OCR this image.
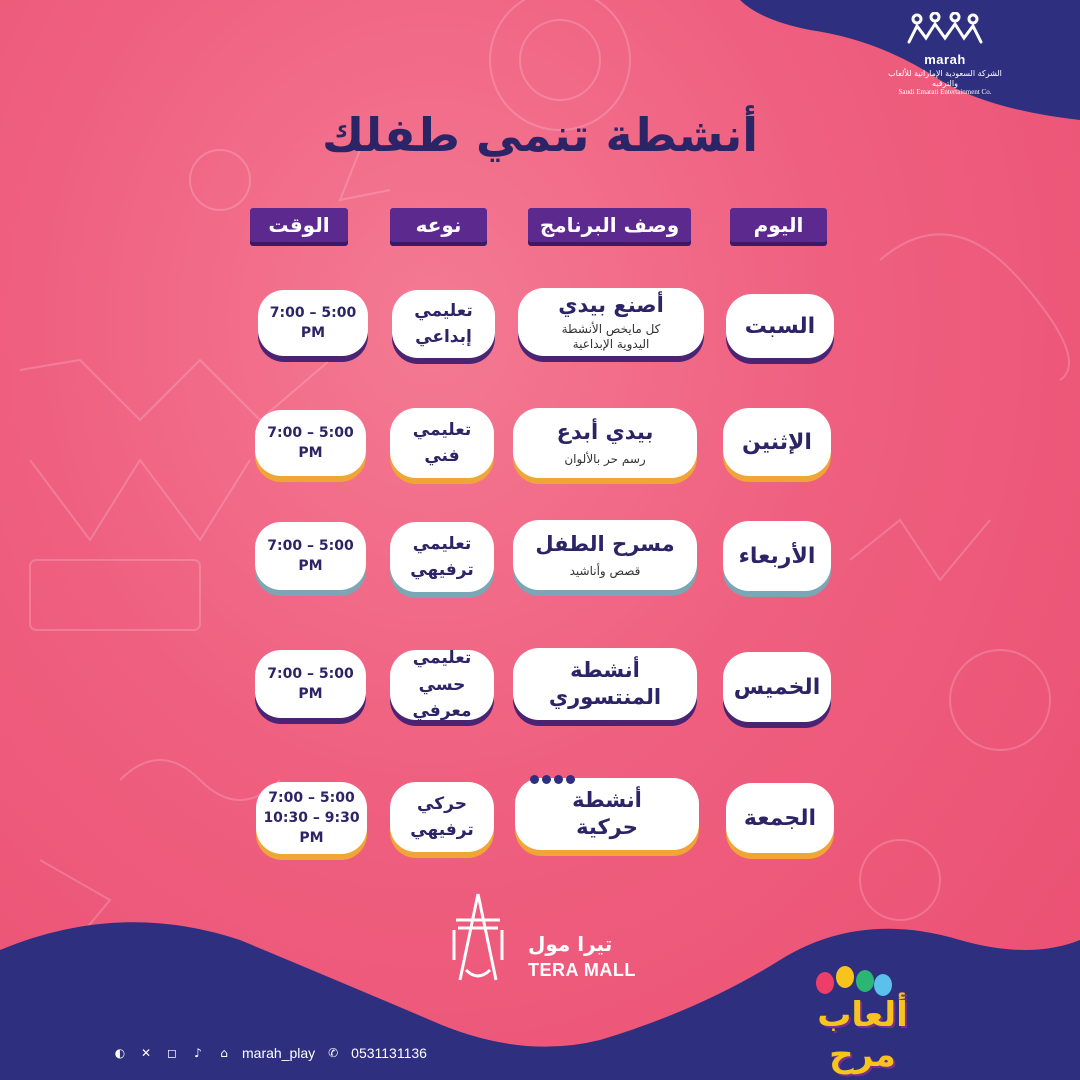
marah
الشركة السعودية الإماراتية للألعاب والترفيه
Saudi Emarati Entertainment Co.
أنشطة تنمي طفلك
اليوم
وصف البرنامج
نوعه
الوقت
السبت
أصنع بيدي
كل مايخص الأنشطة اليدوية الإبداعية
تعليمي
إبداعي
7:00 – 5:00
PM
الإثنين
بيدي أبدع
رسم حر بالألوان
تعليمي
فني
7:00 – 5:00
PM
الأربعاء
مسرح الطفل
قصص وأناشيد
تعليمي
ترفيهي
7:00 – 5:00
PM
الخميس
أنشطة المنتسوري
تعليمي
حسي معرفي
7:00 – 5:00
PM
الجمعة
أنشطة حركية
حركي
ترفيهي
7:00 – 5:00
10:30 – 9:30
PM
تيرا مول
TERA MALL
ألعاب مرح
◐ ✕ ◻	♪	⌂ marah_play ✆ 0531131136
